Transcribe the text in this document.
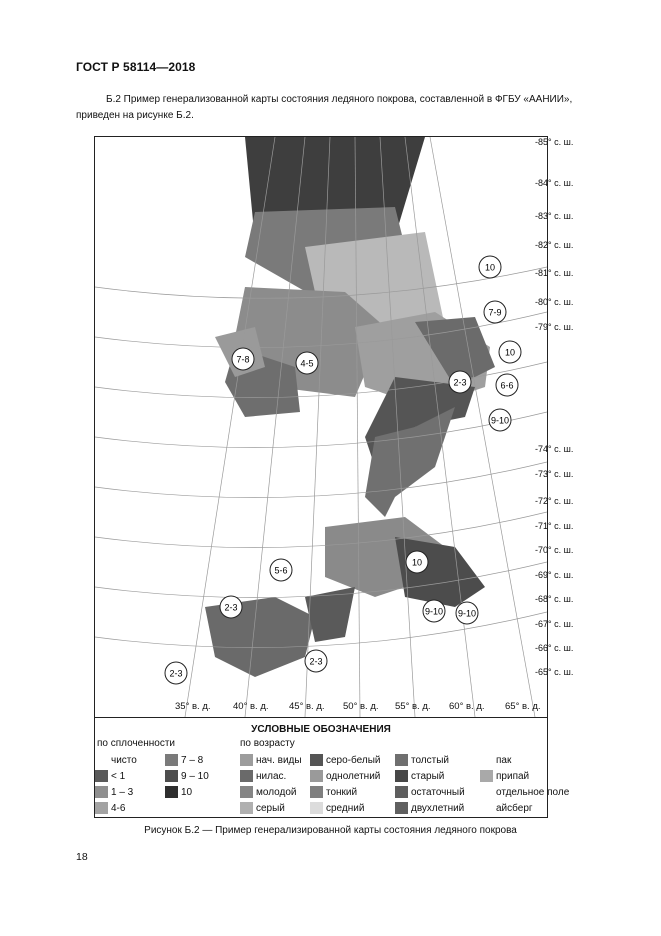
ГОСТ Р 58114—2018
Б.2 Пример генерализованной карты состояния ледяного покрова, составленной в ФГБУ «ААНИИ», приведен на рисунке Б.2.
10
7-9
10
2-3	6-6
9-10
4-5
7-8
5-6
10
9-10 9-10
2-3
2-3
2-3
-85° с. ш.
-84° с. ш.
-83° с. ш.
-82° с. ш.
-81° с. ш.
-80° с. ш.
-79° с. ш.
-74° с. ш.
-73° с. ш.
-72° с. ш.
-71° с. ш.
-70° с. ш.
-69° с. ш.
-68° с. ш.
-67° с. ш.
-66° с. ш.
-65° с. ш.
35° в. д. 40° в. д. 45° в. д. 50° в. д. 55° в. д. 60° в. д. 65° в. д.
УСЛОВНЫЕ ОБОЗНАЧЕНИЯ
по сплоченности	по возрасту
чисто
< 1
1 – 3
4-6
7 – 8
9 – 10
10
нач. виды
нилас.
молодой
серый
серо-белый
однолетний
тонкий
средний
толстый
старый
остаточный
двухлетний
пак
припай
отдельное поле
айсберг
Рисунок Б.2 — Пример генерализированной карты состояния ледяного покрова
18
